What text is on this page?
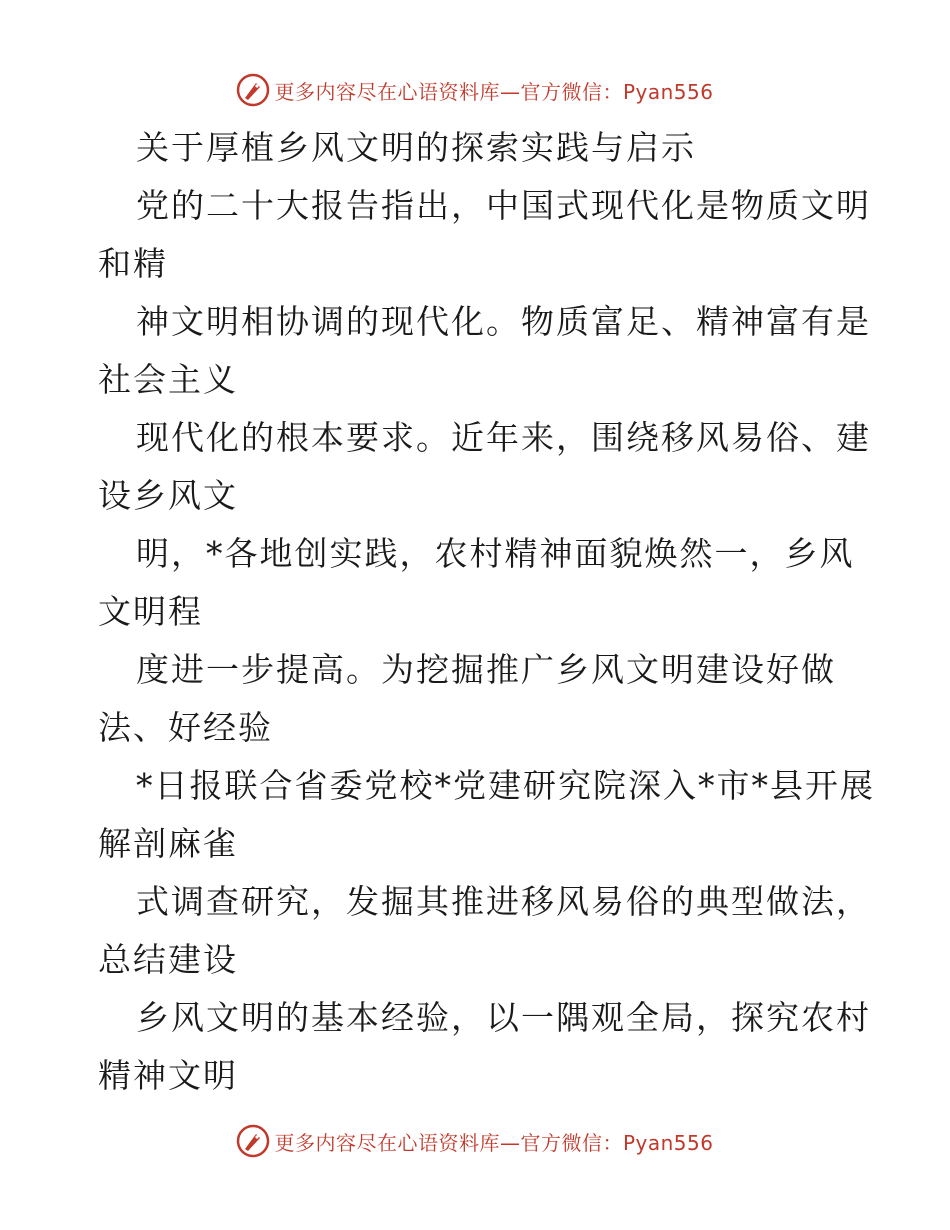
更多内容尽在心语资料库—官方微信：Pyan556
关于厚植乡风文明的探索实践与启示
党的二十大报告指出，中国式现代化是物质文明
和精
神文明相协调的现代化。物质富足、精神富有是
社会主义
现代化的根本要求。近年来，围绕移风易俗、建
设乡风文
明，*各地创实践，农村精神面貌焕然一，乡风
文明程
度进一步提高。为挖掘推广乡风文明建设好做
法、好经验
*日报联合省委党校*党建研究院深入*市*县开展
解剖麻雀
式调查研究，发掘其推进移风易俗的典型做法，
总结建设
乡风文明的基本经验，以一隅观全局，探究农村
精神文明
更多内容尽在心语资料库—官方微信：Pyan556
